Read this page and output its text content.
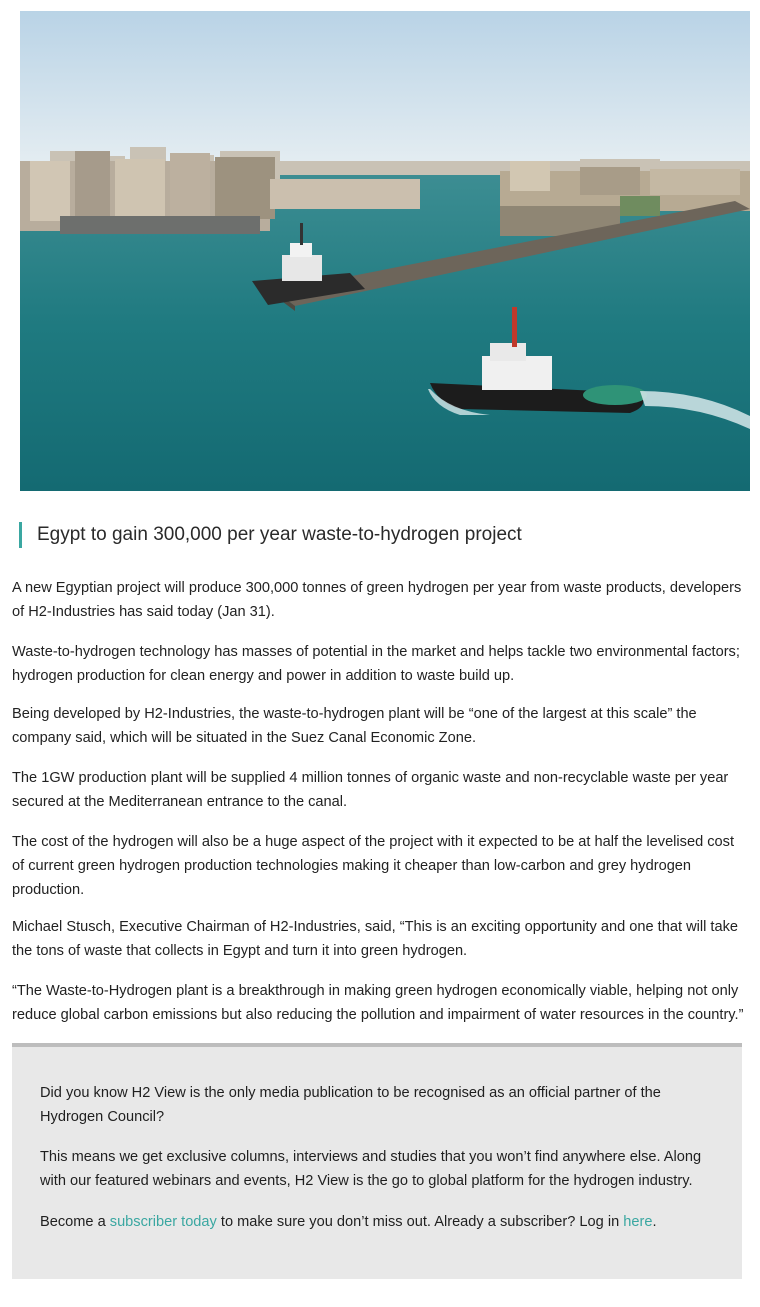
Egypt to gain 300,000 per year waste-to-hydrogen project

A new Egyptian project will produce 300,000 tonnes of green hydrogen per year from waste products, developers of H2-Industries has said today (Jan 31).

Waste-to-hydrogen technology has masses of potential in the market and helps tackle two environmental factors; hydrogen production for clean energy and power in addition to waste build up.

Being developed by H2-Industries, the waste-to-hydrogen plant will be “one of the largest at this scale” the company said, which will be situated in the Suez Canal Economic Zone.

The 1GW production plant will be supplied 4 million tonnes of organic waste and non-recyclable waste per year secured at the Mediterranean entrance to the canal.

The cost of the hydrogen will also be a huge aspect of the project with it expected to be at half the levelised cost of current green hydrogen production technologies making it cheaper than low-carbon and grey hydrogen production.

Michael Stusch, Executive Chairman of H2-Industries, said, “This is an exciting opportunity and one that will take the tons of waste that collects in Egypt and turn it into green hydrogen.

“The Waste-to-Hydrogen plant is a breakthrough in making green hydrogen economically viable, helping not only reduce global carbon emissions but also reducing the pollution and impairment of water resources in the country.”

Did you know H2 View is the only media publication to be recognised as an official partner of the Hydrogen Council?

This means we get exclusive columns, interviews and studies that you won’t find anywhere else. Along with our featured webinars and events, H2 View is the go to global platform for the hydrogen industry.

Become a subscriber today to make sure you don’t miss out. Already a subscriber? Log in here.
